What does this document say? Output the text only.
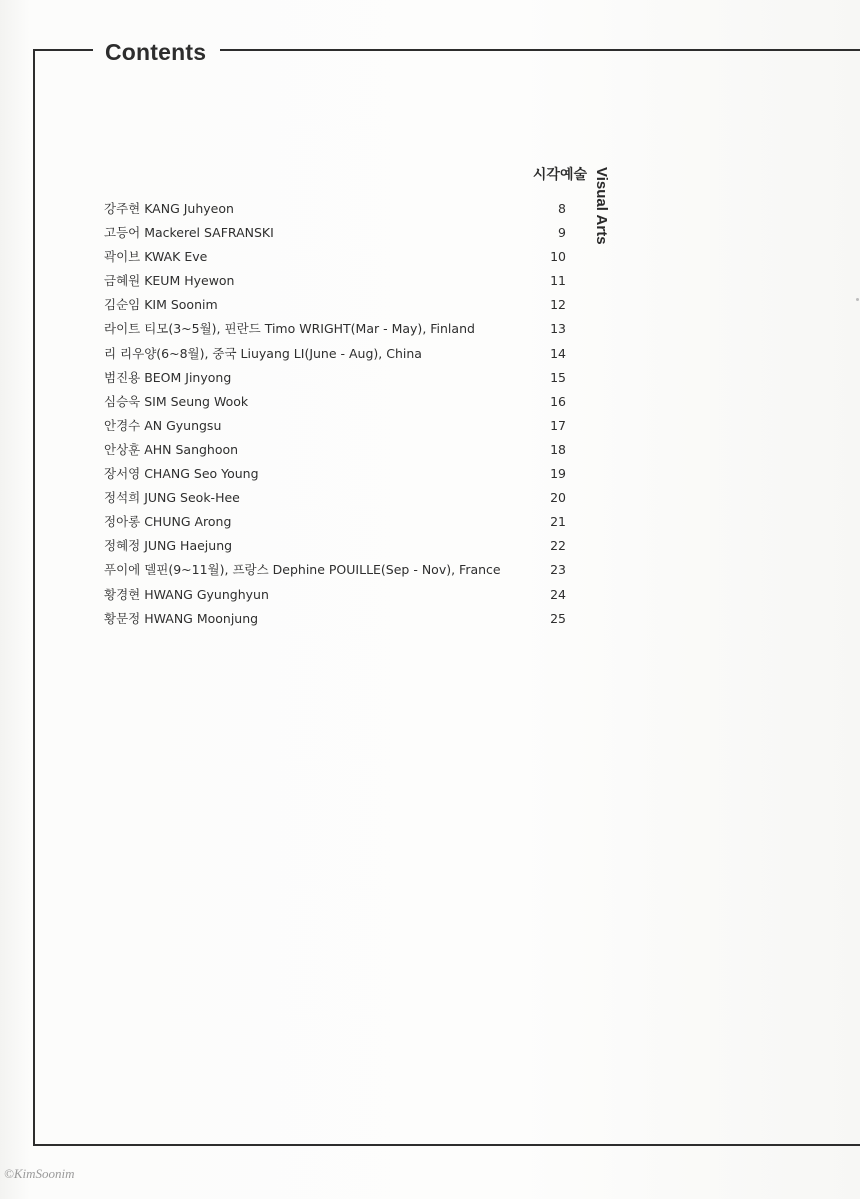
Contents
시각예술 Visual Arts
강주현 KANG Juhyeon	8
고등어 Mackerel SAFRANSKI	9
곽이브 KWAK Eve	10
금혜원 KEUM Hyewon	11
김순임 KIM Soonim	12
라이트 티모(3~5월), 핀란드 Timo WRIGHT(Mar - May), Finland	13
리 리우양(6~8월), 중국 Liuyang LI(June - Aug), China	14
범진용 BEOM Jinyong	15
심승욱 SIM Seung Wook	16
안경수 AN Gyungsu	17
안상훈 AHN Sanghoon	18
장서영 CHANG Seo Young	19
정석희 JUNG Seok-Hee	20
정아롱 CHUNG Arong	21
정혜정 JUNG Haejung	22
푸이에 델핀(9~11월), 프랑스 Dephine POUILLE(Sep - Nov), France	23
황경현 HWANG Gyunghyun	24
황문정 HWANG Moonjung	25
©KimSoonim
